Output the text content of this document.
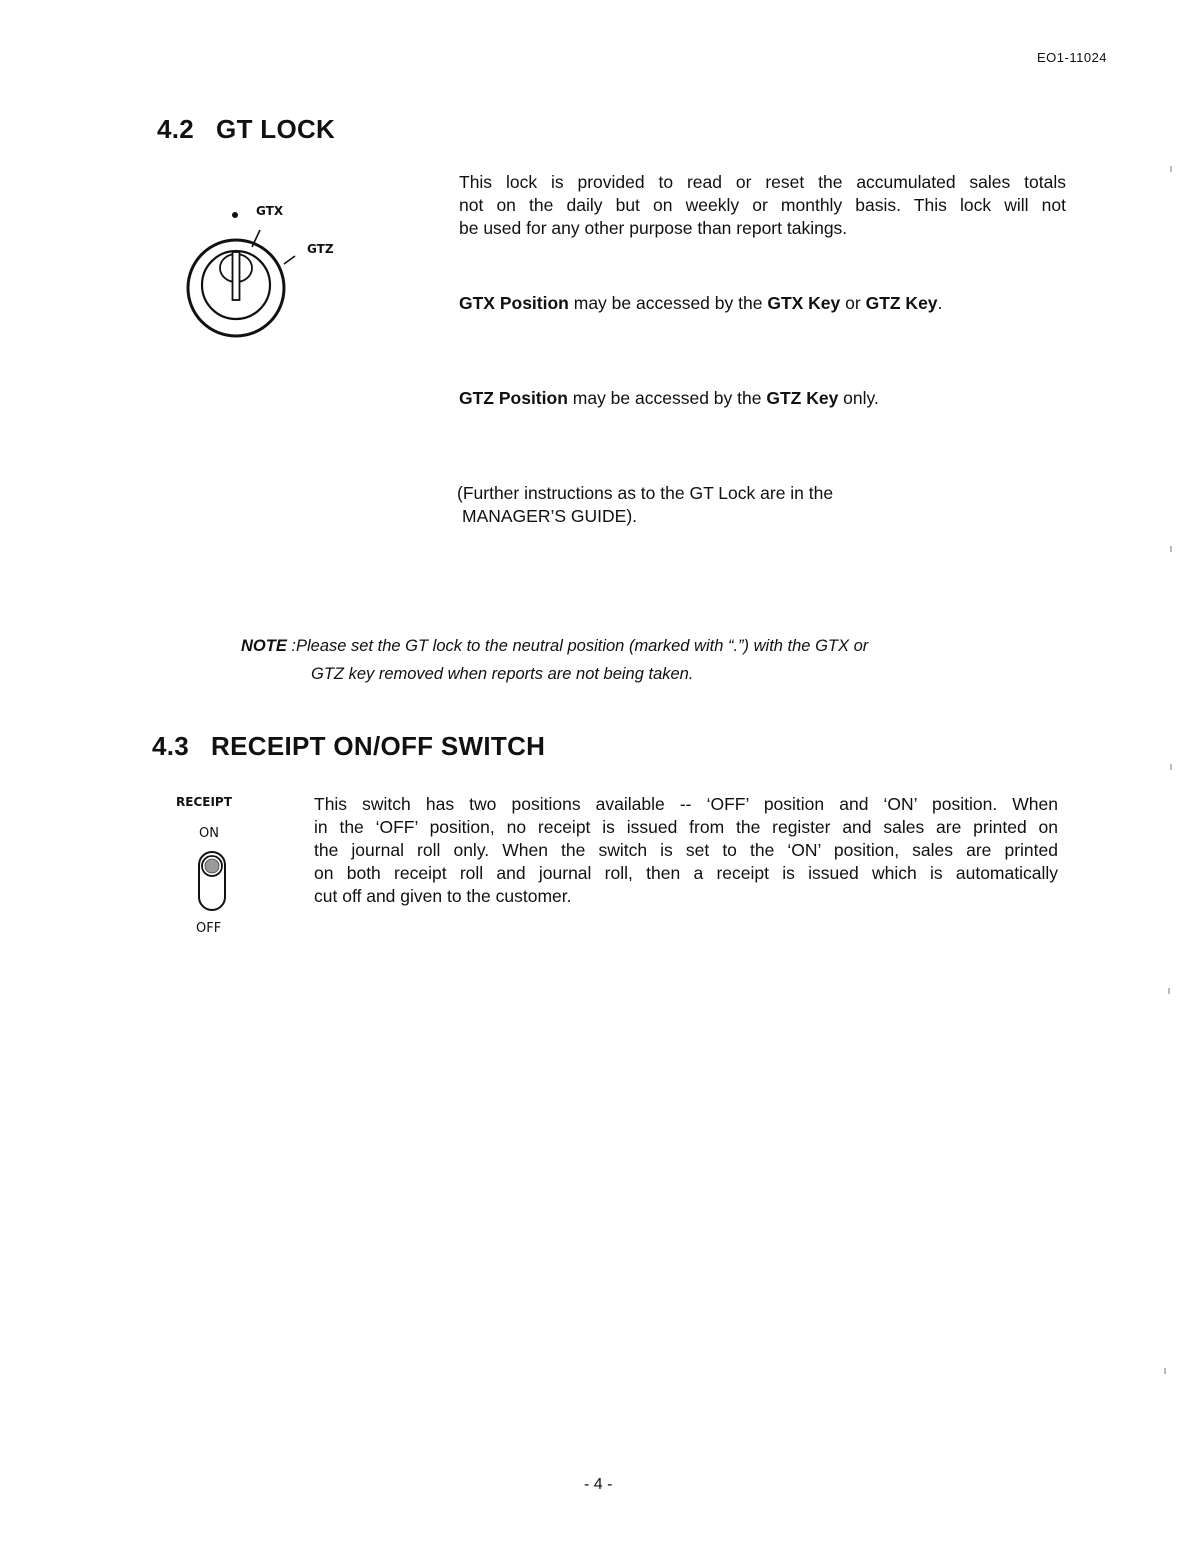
EO1-11024
4.2 GT LOCK
GTX
GTZ
This lock is provided to read or reset the accumulated sales totals
not on the daily but on weekly or monthly basis. This lock will not
be used for any other purpose than report takings.
GTX Position may be accessed by the GTX Key or GTZ Key.
GTZ Position may be accessed by the GTZ Key only.
(Further instructions as to the GT Lock are in the
MANAGER’S GUIDE).
NOTE :Please set the GT lock to the neutral position (marked with “.”) with the GTX or
GTZ key removed when reports are not being taken.
4.3 RECEIPT ON/OFF SWITCH
RECEIPT
ON
OFF
This switch has two positions available -- ‘OFF’ position and ‘ON’ position. When
in the ‘OFF’ position, no receipt is issued from the register and sales are printed on
the journal roll only. When the switch is set to the ‘ON’ position, sales are printed
on both receipt roll and journal roll, then a receipt is issued which is automatically
cut off and given to the customer.
- 4 -
